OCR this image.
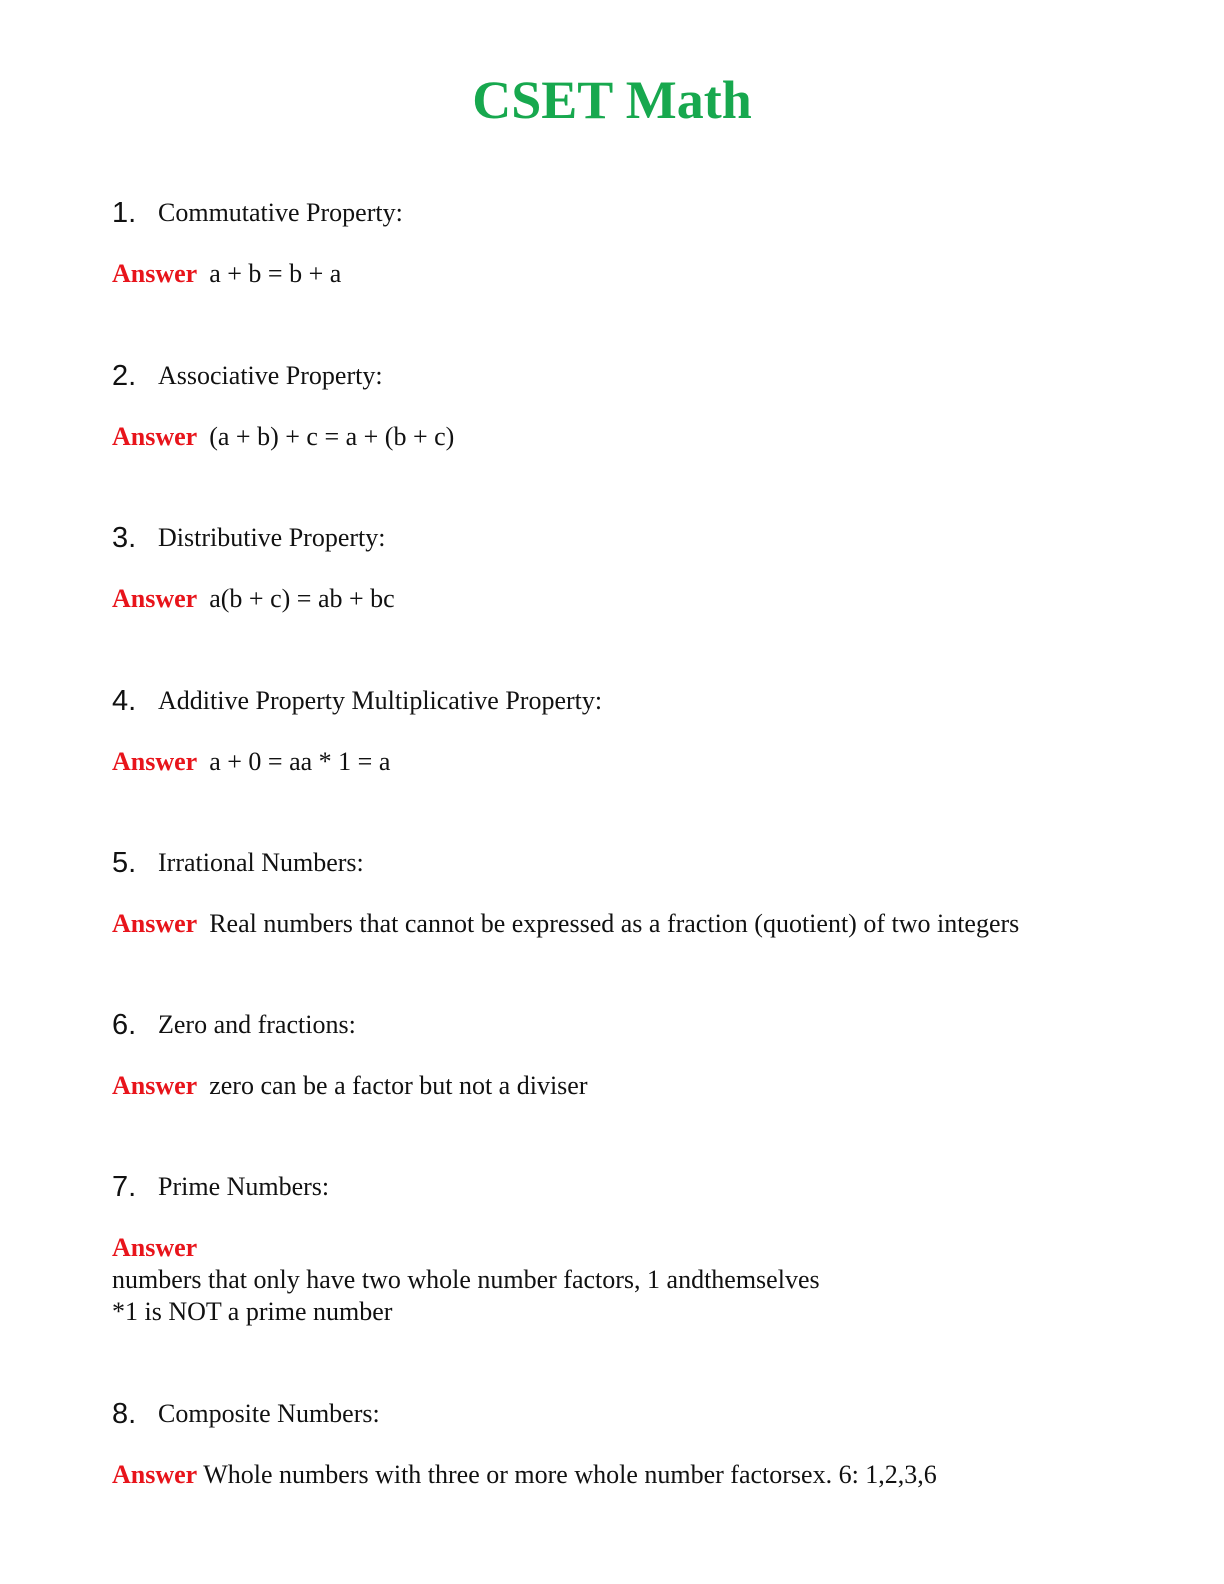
CSET Math
1. Commutative Property:
Answer a + b = b + a
2. Associative Property:
Answer (a + b) + c = a + (b + c)
3. Distributive Property:
Answer a(b + c) = ab + bc
4. Additive Property Multiplicative Property:
Answer a + 0 = aa * 1 = a
5. Irrational Numbers:
Answer Real numbers that cannot be expressed as a fraction (quotient) of two integers
6. Zero and fractions:
Answer zero can be a factor but not a diviser
7. Prime Numbers:
Answer
numbers that only have two whole number factors, 1 andthemselves
*1 is NOT a prime number
8. Composite Numbers:
Answer Whole numbers with three or more whole number factorsex. 6: 1,2,3,6
